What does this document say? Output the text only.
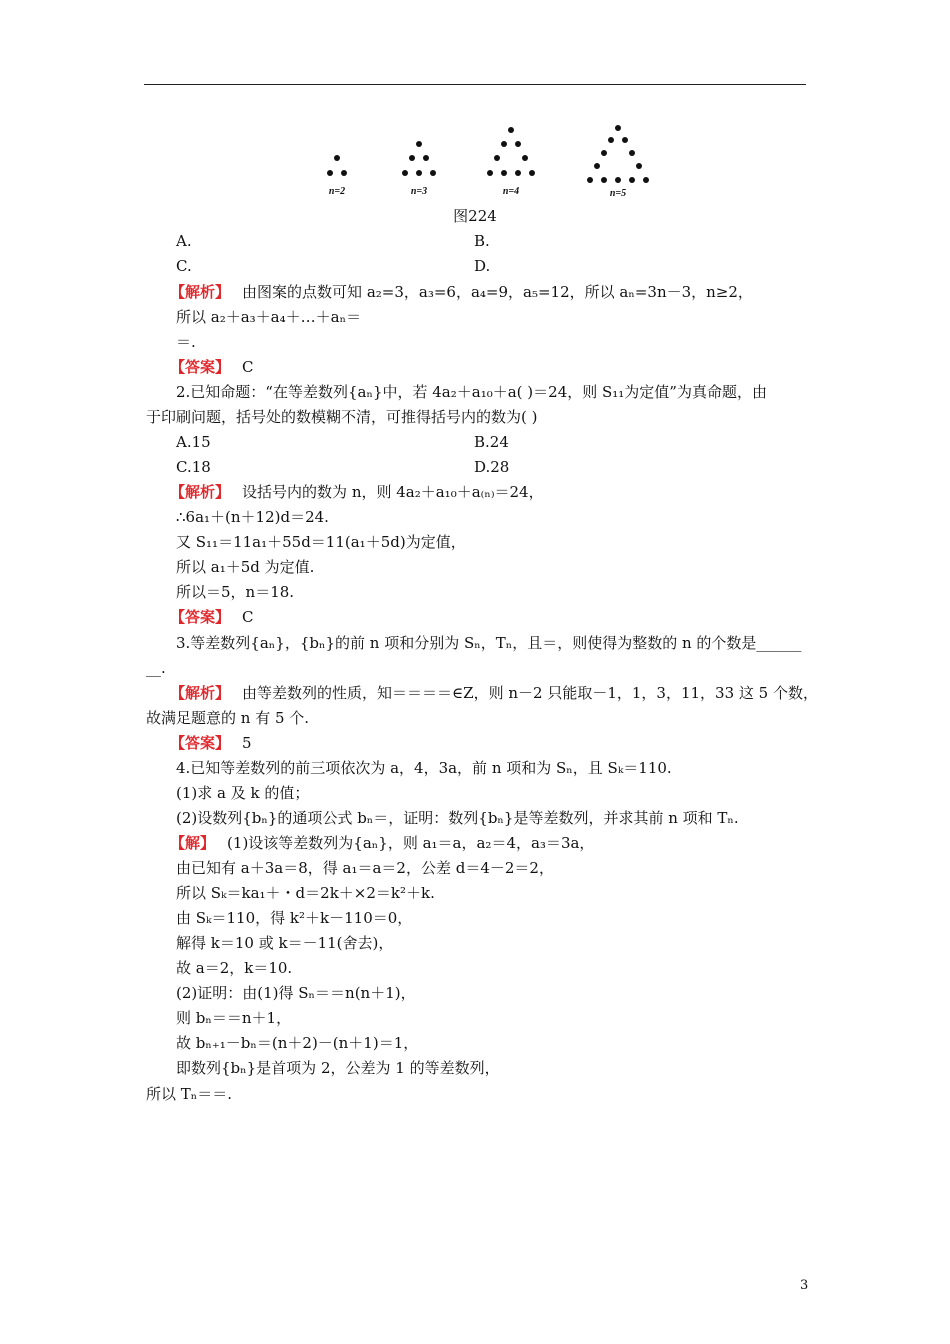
n=2	n=3	n=4	n=5
图224
A.	B.
C.	D.
【 解析 】 由图案的点数可知 a₂=3，a₃=6，a₄=9，a₅=12，所以 aₙ=3n－3，n≥2，
所以 a₂＋a₃＋a₄＋…＋aₙ＝
＝.
【 答案 】 C
2.已知命题：“在等差数列{aₙ}中，若 4a₂＋a₁₀＋a( )＝24，则 S₁₁为定值”为真命题，由
于印刷问题，括号处的数模糊不清，可推得括号内的数为( )
A.15	B.24
C.18	D.28
【 解析 】 设括号内的数为 n，则 4a₂＋a₁₀＋a₍ₙ₎＝24，
∴6a₁＋(n＋12)d＝24.
又 S₁₁＝11a₁＋55d＝11(a₁＋5d)为定值，
所以 a₁＋5d 为定值.
所以＝5，n＝18.
【 答案 】 C
3.等差数列{aₙ}，{bₙ}的前 n 项和分别为 Sₙ，Tₙ，且＝，则使得为整数的 n 的个数是______
__.
【 解析 】 由等差数列的性质，知＝＝＝＝∈Z，则 n－2 只能取－1，1，3，11，33 这 5 个数，
故满足题意的 n 有 5 个.
【 答案 】 5
4.已知等差数列的前三项依次为 a，4，3a，前 n 项和为 Sₙ，且 Sₖ＝110.
(1)求 a 及 k 的值；
(2)设数列{bₙ}的通项公式 bₙ＝，证明：数列{bₙ}是等差数列，并求其前 n 项和 Tₙ.
【 解 】 (1)设该等差数列为{aₙ}，则 a₁＝a，a₂＝4，a₃＝3a，
由已知有 a＋3a＝8，得 a₁＝a＝2，公差 d＝4－2＝2，
所以 Sₖ＝ka₁＋・d＝2k＋×2＝k²＋k.
由 Sₖ＝110，得 k²＋k－110＝0，
解得 k＝10 或 k＝－11(舍去)，
故 a＝2，k＝10.
(2)证明：由(1)得 Sₙ＝＝n(n＋1)，
则 bₙ＝＝n＋1，
故 bₙ₊₁－bₙ＝(n＋2)－(n＋1)＝1，
即数列{bₙ}是首项为 2，公差为 1 的等差数列，
所以 Tₙ＝＝.
3
